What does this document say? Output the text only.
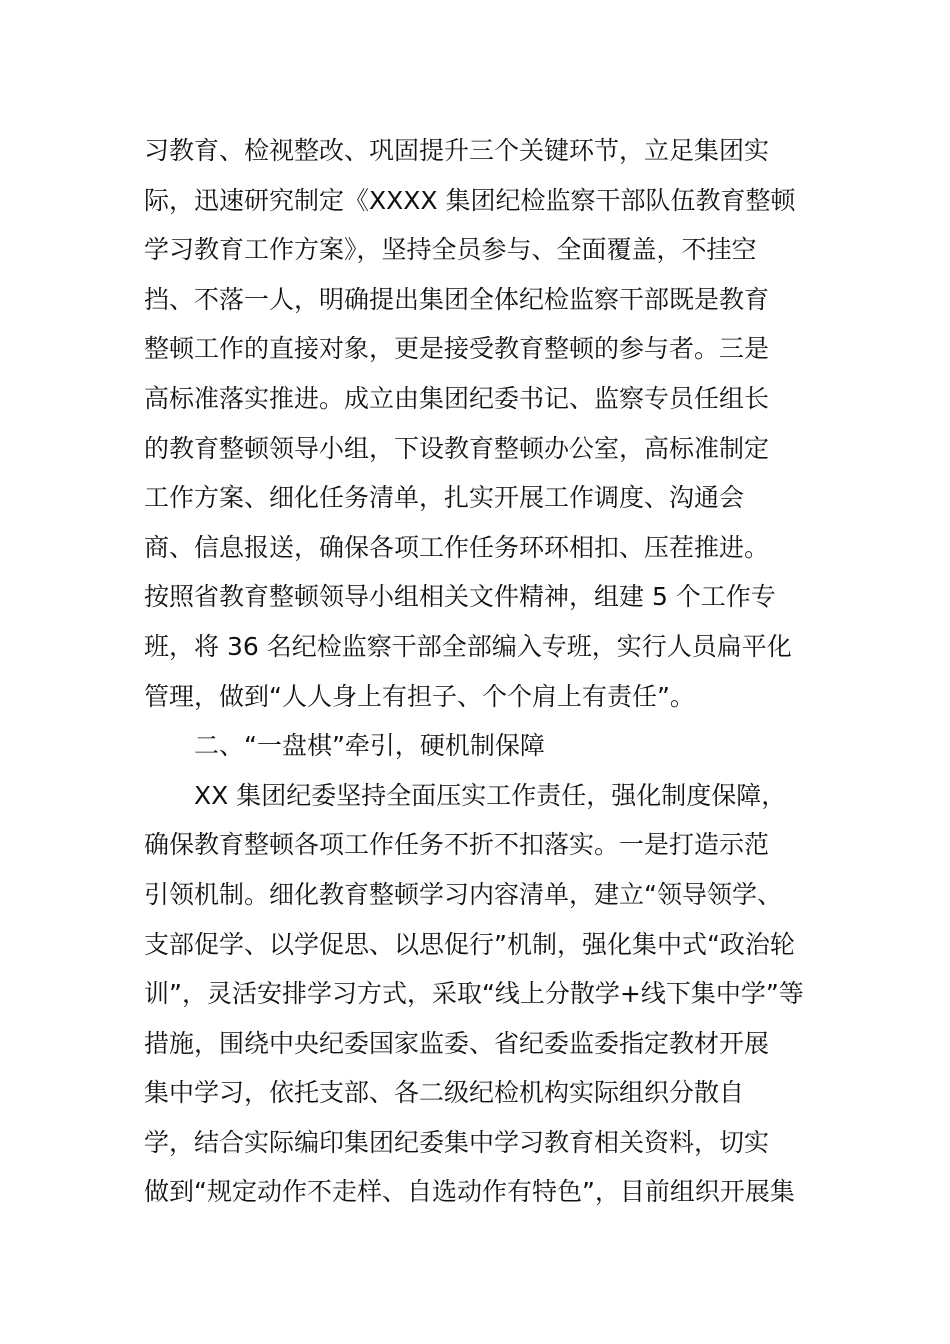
习教育、检视整改、巩固提升三个关键环节，立足集团实
际，迅速研究制定《XXXX 集团纪检监察干部队伍教育整顿
学习教育工作方案》，坚持全员参与、全面覆盖，不挂空
挡、不落一人，明确提出集团全体纪检监察干部既是教育
整顿工作的直接对象，更是接受教育整顿的参与者。三是
高标准落实推进。成立由集团纪委书记、监察专员任组长
的教育整顿领导小组，下设教育整顿办公室，高标准制定
工作方案、细化任务清单，扎实开展工作调度、沟通会
商、信息报送，确保各项工作任务环环相扣、压茬推进。
按照省教育整顿领导小组相关文件精神，组建 5 个工作专
班，将 36 名纪检监察干部全部编入专班，实行人员扁平化
管理，做到“人人身上有担子、个个肩上有责任”。
二、“一盘棋”牵引，硬机制保障
XX 集团纪委坚持全面压实工作责任，强化制度保障，
确保教育整顿各项工作任务不折不扣落实。一是打造示范
引领机制。细化教育整顿学习内容清单，建立“领导领学、
支部促学、以学促思、以思促行”机制，强化集中式“政治轮
训”，灵活安排学习方式，采取“线上分散学+线下集中学”等
措施，围绕中央纪委国家监委、省纪委监委指定教材开展
集中学习，依托支部、各二级纪检机构实际组织分散自
学，结合实际编印集团纪委集中学习教育相关资料，切实
做到“规定动作不走样、自选动作有特色”，目前组织开展集
